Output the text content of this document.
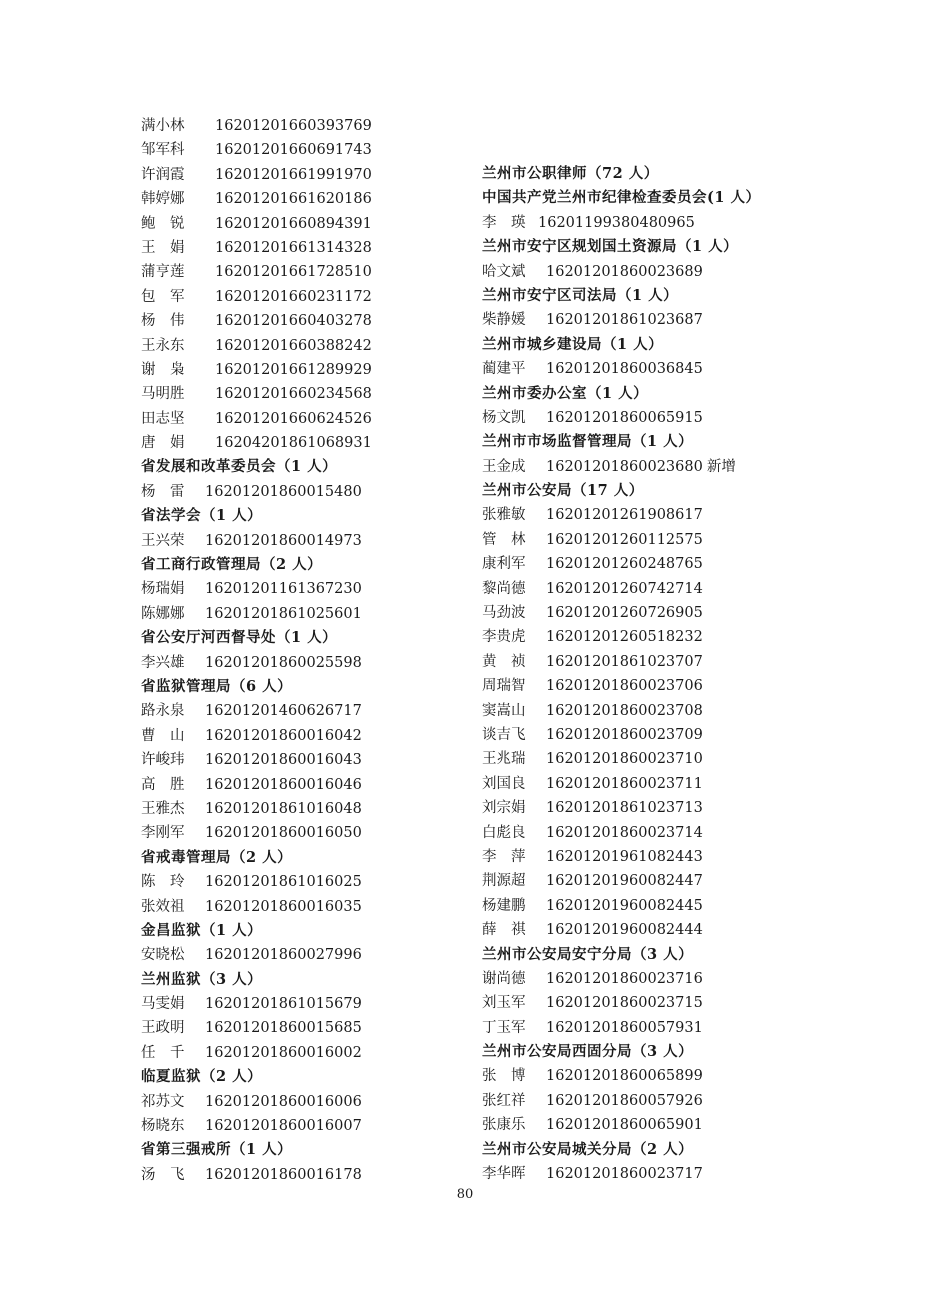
满小林 16201201660393769
邹军科 16201201660691743
许润霞 16201201661991970
韩婷娜 16201201661620186
鲍　锐 16201201660894391
王　娟 16201201661314328
蒲亨莲 16201201661728510
包　军 16201201660231172
杨　伟 16201201660403278
王永东 16201201660388242
谢　枭 16201201661289929
马明胜 16201201660234568
田志坚 16201201660624526
唐　娟 16204201861068931
省发展和改革委员会（1 人）
杨　雷 16201201860015480
省法学会（1 人）
王兴荣 16201201860014973
省工商行政管理局（2 人）
杨瑞娟 16201201161367230
陈娜娜 16201201861025601
省公安厅河西督导处（1 人）
李兴雄 16201201860025598
省监狱管理局（6 人）
路永泉 16201201460626717
曹　山 16201201860016042
许峻玮 16201201860016043
高　胜 16201201860016046
王雅杰 16201201861016048
李刚军 16201201860016050
省戒毒管理局（2 人）
陈　玲 16201201861016025
张效祖 16201201860016035
金昌监狱（1 人）
安晓松 16201201860027996
兰州监狱（3 人）
马雯娟 16201201861015679
王政明 16201201860015685
任　千 16201201860016002
临夏监狱（2 人）
祁苏文 16201201860016006
杨晓东 16201201860016007
省第三强戒所（1 人）
汤　飞 16201201860016178
兰州市公职律师（72 人）
中国共产党兰州市纪律检查委员会(1 人）
李　瑛 16201199380480965
兰州市安宁区规划国土资源局（1 人）
哈文斌 16201201860023689
兰州市安宁区司法局（1 人）
柴静媛 16201201861023687
兰州市城乡建设局（1 人）
蔺建平 16201201860036845
兰州市委办公室（1 人）
杨文凯 16201201860065915
兰州市市场监督管理局（1 人）
王金成 16201201860023680 新增
兰州市公安局（17 人）
张雅敏 16201201261908617
管　林 16201201260112575
康利军 16201201260248765
黎尚德 16201201260742714
马劲波 16201201260726905
李贵虎 16201201260518232
黄　祯 16201201861023707
周瑞智 16201201860023706
窦嵩山 16201201860023708
谈吉飞 16201201860023709
王兆瑞 16201201860023710
刘国良 16201201860023711
刘宗娟 16201201861023713
白彪良 16201201860023714
李　萍 16201201961082443
荆源超 16201201960082447
杨建鹏 16201201960082445
薛　祺 16201201960082444
兰州市公安局安宁分局（3 人）
谢尚德 16201201860023716
刘玉军 16201201860023715
丁玉军 16201201860057931
兰州市公安局西固分局（3 人）
张　博 16201201860065899
张红祥 16201201860057926
张康乐 16201201860065901
兰州市公安局城关分局（2 人）
李华晖 16201201860023717
80
